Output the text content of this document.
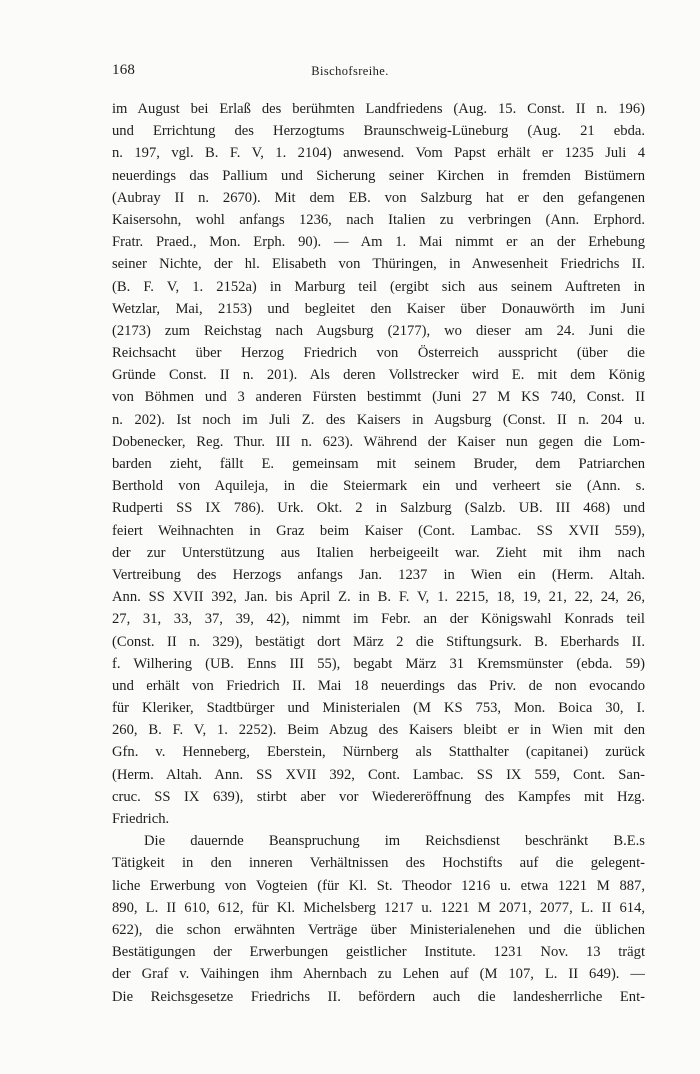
168	Bischofsreihe.
im August bei Erlaß des berühmten Landfriedens (Aug. 15. Const. II n. 196)
und Errichtung des Herzogtums Braunschweig-Lüneburg (Aug. 21 ebda.
n. 197, vgl. B. F. V, 1. 2104) anwesend. Vom Papst erhält er 1235 Juli 4
neuerdings das Pallium und Sicherung seiner Kirchen in fremden Bistümern
(Aubray II n. 2670). Mit dem EB. von Salzburg hat er den gefangenen
Kaisersohn, wohl anfangs 1236, nach Italien zu verbringen (Ann. Erphord.
Fratr. Praed., Mon. Erph. 90). — Am 1. Mai nimmt er an der Erhebung
seiner Nichte, der hl. Elisabeth von Thüringen, in Anwesenheit Friedrichs II.
(B. F. V, 1. 2152a) in Marburg teil (ergibt sich aus seinem Auftreten in
Wetzlar, Mai, 2153) und begleitet den Kaiser über Donauwörth im Juni
(2173) zum Reichstag nach Augsburg (2177), wo dieser am 24. Juni die
Reichsacht über Herzog Friedrich von Österreich ausspricht (über die
Gründe Const. II n. 201). Als deren Vollstrecker wird E. mit dem König
von Böhmen und 3 anderen Fürsten bestimmt (Juni 27 M KS 740, Const. II
n. 202). Ist noch im Juli Z. des Kaisers in Augsburg (Const. II n. 204 u.
Dobenecker, Reg. Thur. III n. 623). Während der Kaiser nun gegen die Lom-
barden zieht, fällt E. gemeinsam mit seinem Bruder, dem Patriarchen
Berthold von Aquileja, in die Steiermark ein und verheert sie (Ann. s.
Rudperti SS IX 786). Urk. Okt. 2 in Salzburg (Salzb. UB. III 468) und
feiert Weihnachten in Graz beim Kaiser (Cont. Lambac. SS XVII 559),
der zur Unterstützung aus Italien herbeigeeilt war. Zieht mit ihm nach
Vertreibung des Herzogs anfangs Jan. 1237 in Wien ein (Herm. Altah.
Ann. SS XVII 392, Jan. bis April Z. in B. F. V, 1. 2215, 18, 19, 21, 22, 24, 26,
27, 31, 33, 37, 39, 42), nimmt im Febr. an der Königswahl Konrads teil
(Const. II n. 329), bestätigt dort März 2 die Stiftungsurk. B. Eberhards II.
f. Wilhering (UB. Enns III 55), begabt März 31 Kremsmünster (ebda. 59)
und erhält von Friedrich II. Mai 18 neuerdings das Priv. de non evocando
für Kleriker, Stadtbürger und Ministerialen (M KS 753, Mon. Boica 30, I.
260, B. F. V, 1. 2252). Beim Abzug des Kaisers bleibt er in Wien mit den
Gfn. v. Henneberg, Eberstein, Nürnberg als Statthalter (capitanei) zurück
(Herm. Altah. Ann. SS XVII 392, Cont. Lambac. SS IX 559, Cont. San-
cruc. SS IX 639), stirbt aber vor Wiedereröffnung des Kampfes mit Hzg.
Friedrich.
Die dauernde Beanspruchung im Reichsdienst beschränkt B.E.s
Tätigkeit in den inneren Verhältnissen des Hochstifts auf die gelegent-
liche Erwerbung von Vogteien (für Kl. St. Theodor 1216 u. etwa 1221 M 887,
890, L. II 610, 612, für Kl. Michelsberg 1217 u. 1221 M 2071, 2077, L. II 614,
622), die schon erwähnten Verträge über Ministerialenehen und die üblichen
Bestätigungen der Erwerbungen geistlicher Institute. 1231 Nov. 13 trägt
der Graf v. Vaihingen ihm Ahernbach zu Lehen auf (M 107, L. II 649). —
Die Reichsgesetze Friedrichs II. befördern auch die landesherrliche Ent-
